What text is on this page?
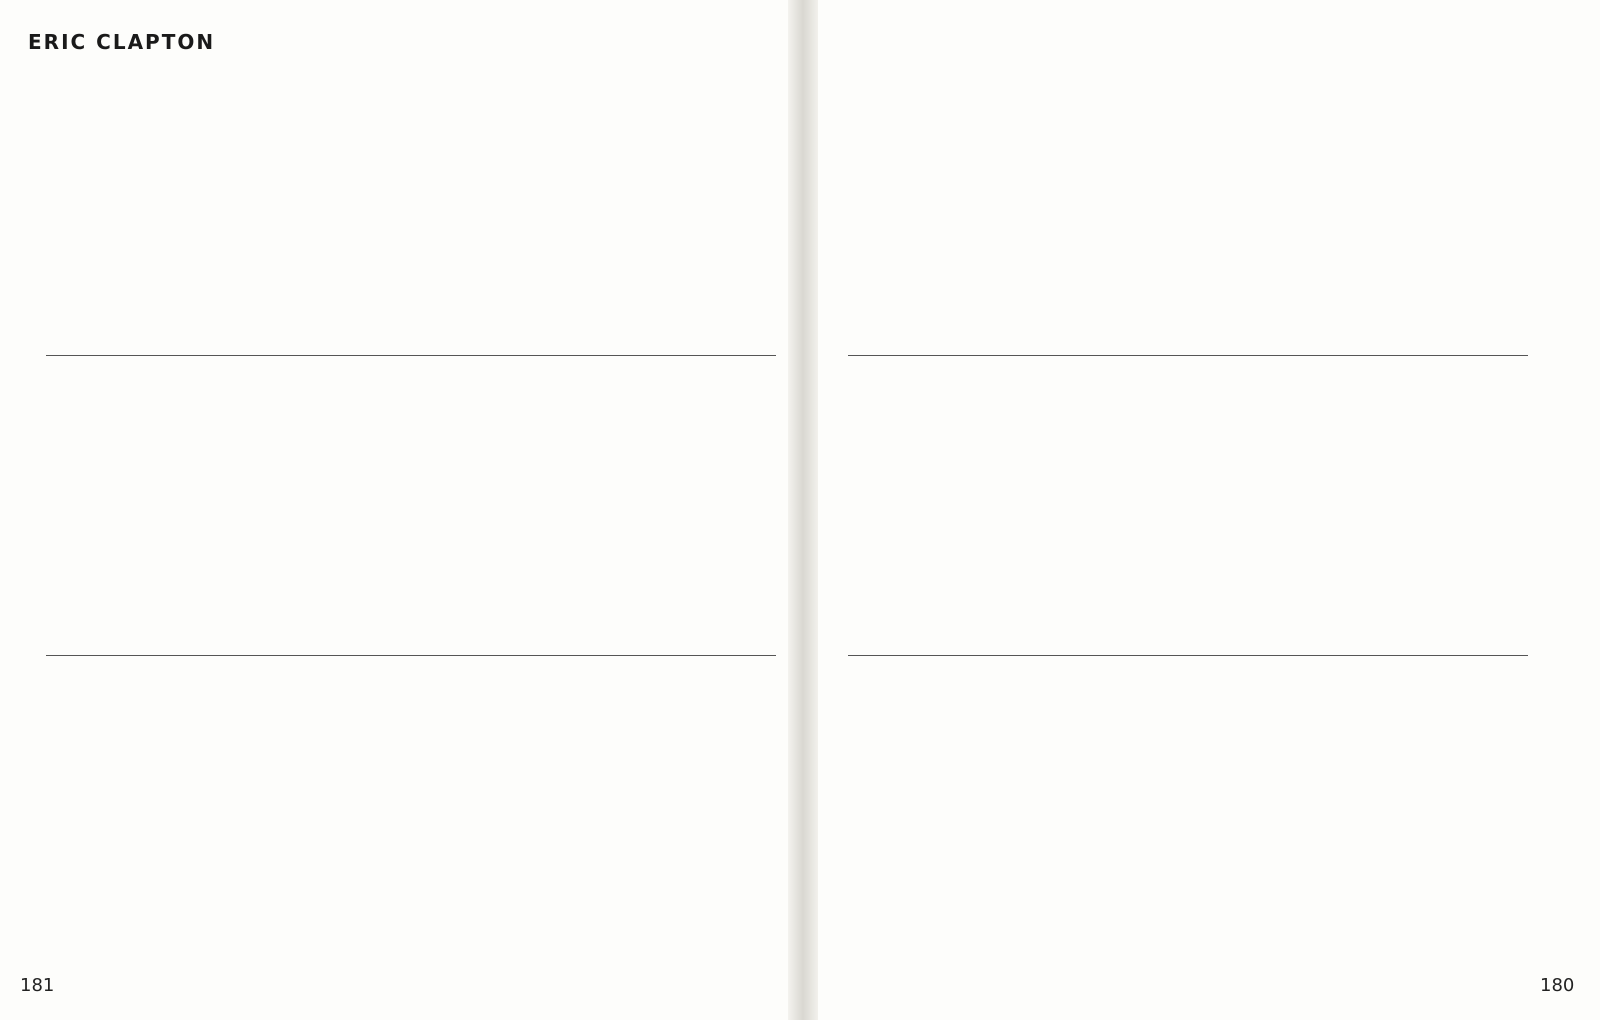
ERIC CLAPTON
181	180
